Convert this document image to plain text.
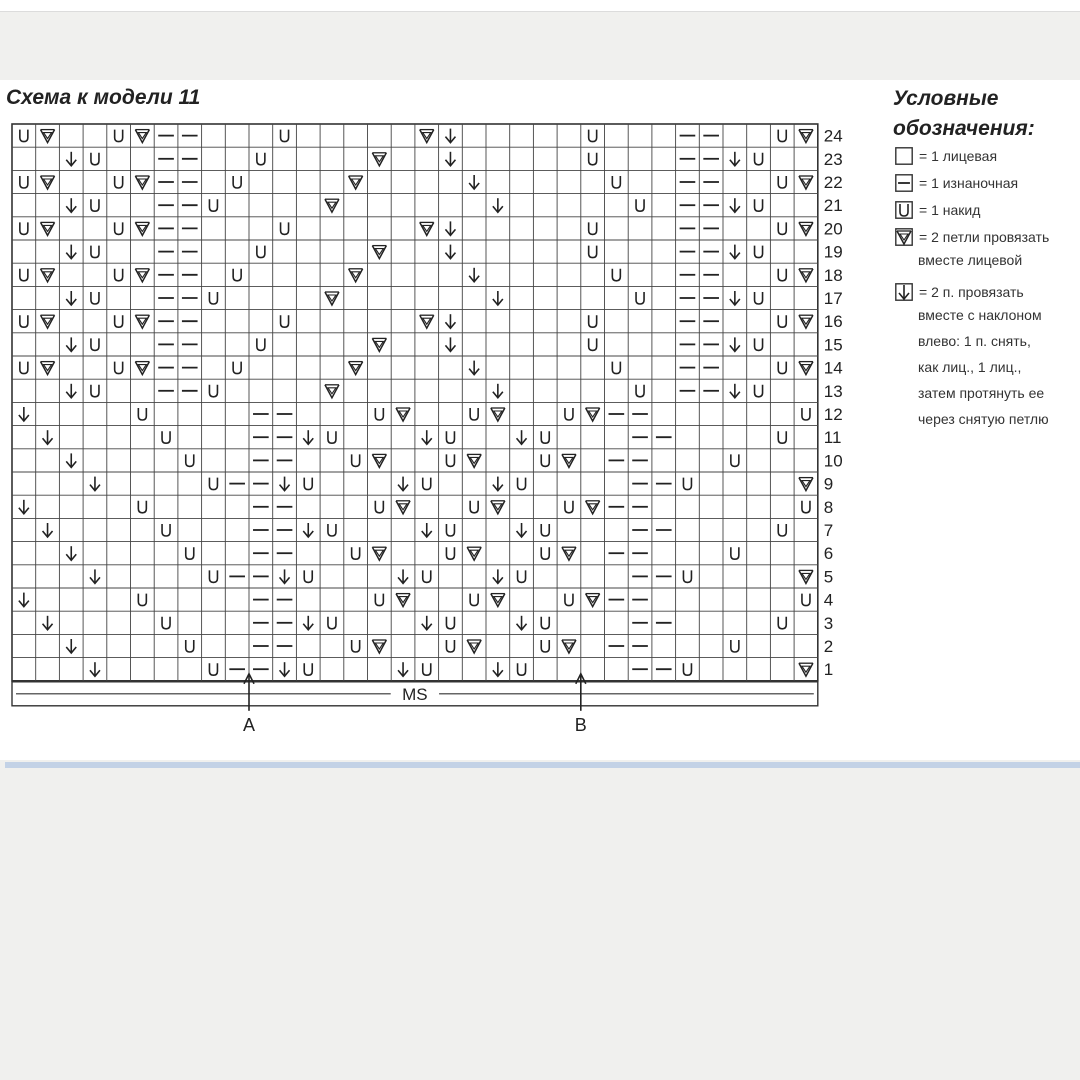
Схема к модели 11
24
23
22
21
20
19
18
17
16
15
14
13
12
11
10
9
8
7
6
5
4
3
2
1
MS
A	B
Условные
обозначения:
= 1 лицевая
= 1 изнаночная
= 1 накид
= 2 петли провязать
вместе лицевой
= 2 п. провязать
вместе с наклоном
влево: 1 п. снять,
как лиц., 1 лиц.,
затем протянуть ее
через снятую петлю
